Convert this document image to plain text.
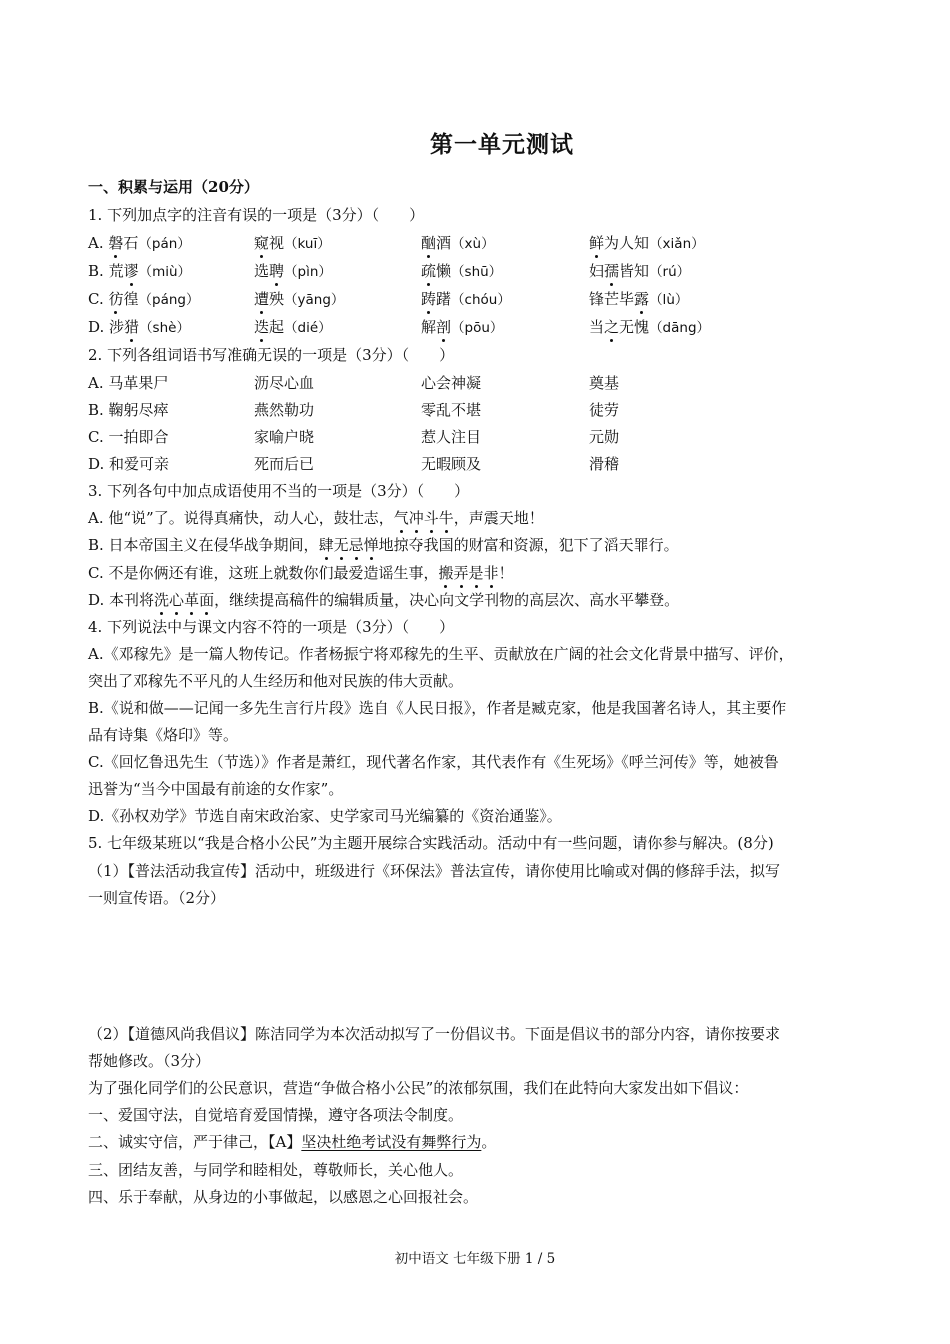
第一单元测试
一、积累与运用（20分）
1. 下列加点字的注音有误的一项是（3分）（　　）
A. 磐石（pán）	窥视（kuī）	酗酒（xù）	鲜为人知（xiǎn）
B. 荒谬（miù）	选聘（pìn）	疏懒（shū）	妇孺皆知（rú）
C. 彷徨（páng）	遭殃（yāng）	踌躇（chóu）	锋芒毕露（lù）
D. 涉猎（shè）	迭起（dié）	解剖（pōu）	当之无愧（dāng）
2. 下列各组词语书写准确无误的一项是（3分）（　　）
A. 马革果尸	沥尽心血	心会神凝	奠基
B. 鞠躬尽瘁	燕然勒功	零乱不堪	徒劳
C. 一拍即合	家喻户晓	惹人注目	元勋
D. 和爱可亲	死而后已	无暇顾及	滑稽
3. 下列各句中加点成语使用不当的一项是（3分）（　　）
A. 他“说”了。说得真痛快，动人心，鼓壮志，气冲斗牛，声震天地！
B. 日本帝国主义在侵华战争期间，肆无忌惮地掠夺我国的财富和资源，犯下了滔天罪行。
C. 不是你俩还有谁，这班上就数你们最爱造谣生事，搬弄是非！
D. 本刊将洗心革面，继续提高稿件的编辑质量，决心向文学刊物的高层次、高水平攀登。
4. 下列说法中与课文内容不符的一项是（3分）（　　）
A.《邓稼先》是一篇人物传记。作者杨振宁将邓稼先的生平、贡献放在广阔的社会文化背景中描写、评价，
突出了邓稼先不平凡的人生经历和他对民族的伟大贡献。
B.《说和做——记闻一多先生言行片段》选自《人民日报》，作者是臧克家，他是我国著名诗人，其主要作
品有诗集《烙印》等。
C.《回忆鲁迅先生（节选）》作者是萧红，现代著名作家，其代表作有《生死场》《呼兰河传》等，她被鲁
迅誉为“当今中国最有前途的女作家”。
D.《孙权劝学》节选自南宋政治家、史学家司马光编纂的《资治通鉴》。
5. 七年级某班以“我是合格小公民”为主题开展综合实践活动。活动中有一些问题，请你参与解决。(8分)
（1）【普法活动我宣传】活动中，班级进行《环保法》普法宣传，请你使用比喻或对偶的修辞手法，拟写
一则宣传语。（2分）
（2）【道德风尚我倡议】陈洁同学为本次活动拟写了一份倡议书。下面是倡议书的部分内容，请你按要求
帮她修改。（3分）
为了强化同学们的公民意识，营造“争做合格小公民”的浓郁氛围，我们在此特向大家发出如下倡议：
一、爱国守法，自觉培育爱国情操，遵守各项法令制度。
二、诚实守信，严于律己，【A】坚决杜绝考试没有舞弊行为。
三、团结友善，与同学和睦相处，尊敬师长，关心他人。
四、乐于奉献，从身边的小事做起，以感恩之心回报社会。
初中语文 七年级下册 1 / 5
